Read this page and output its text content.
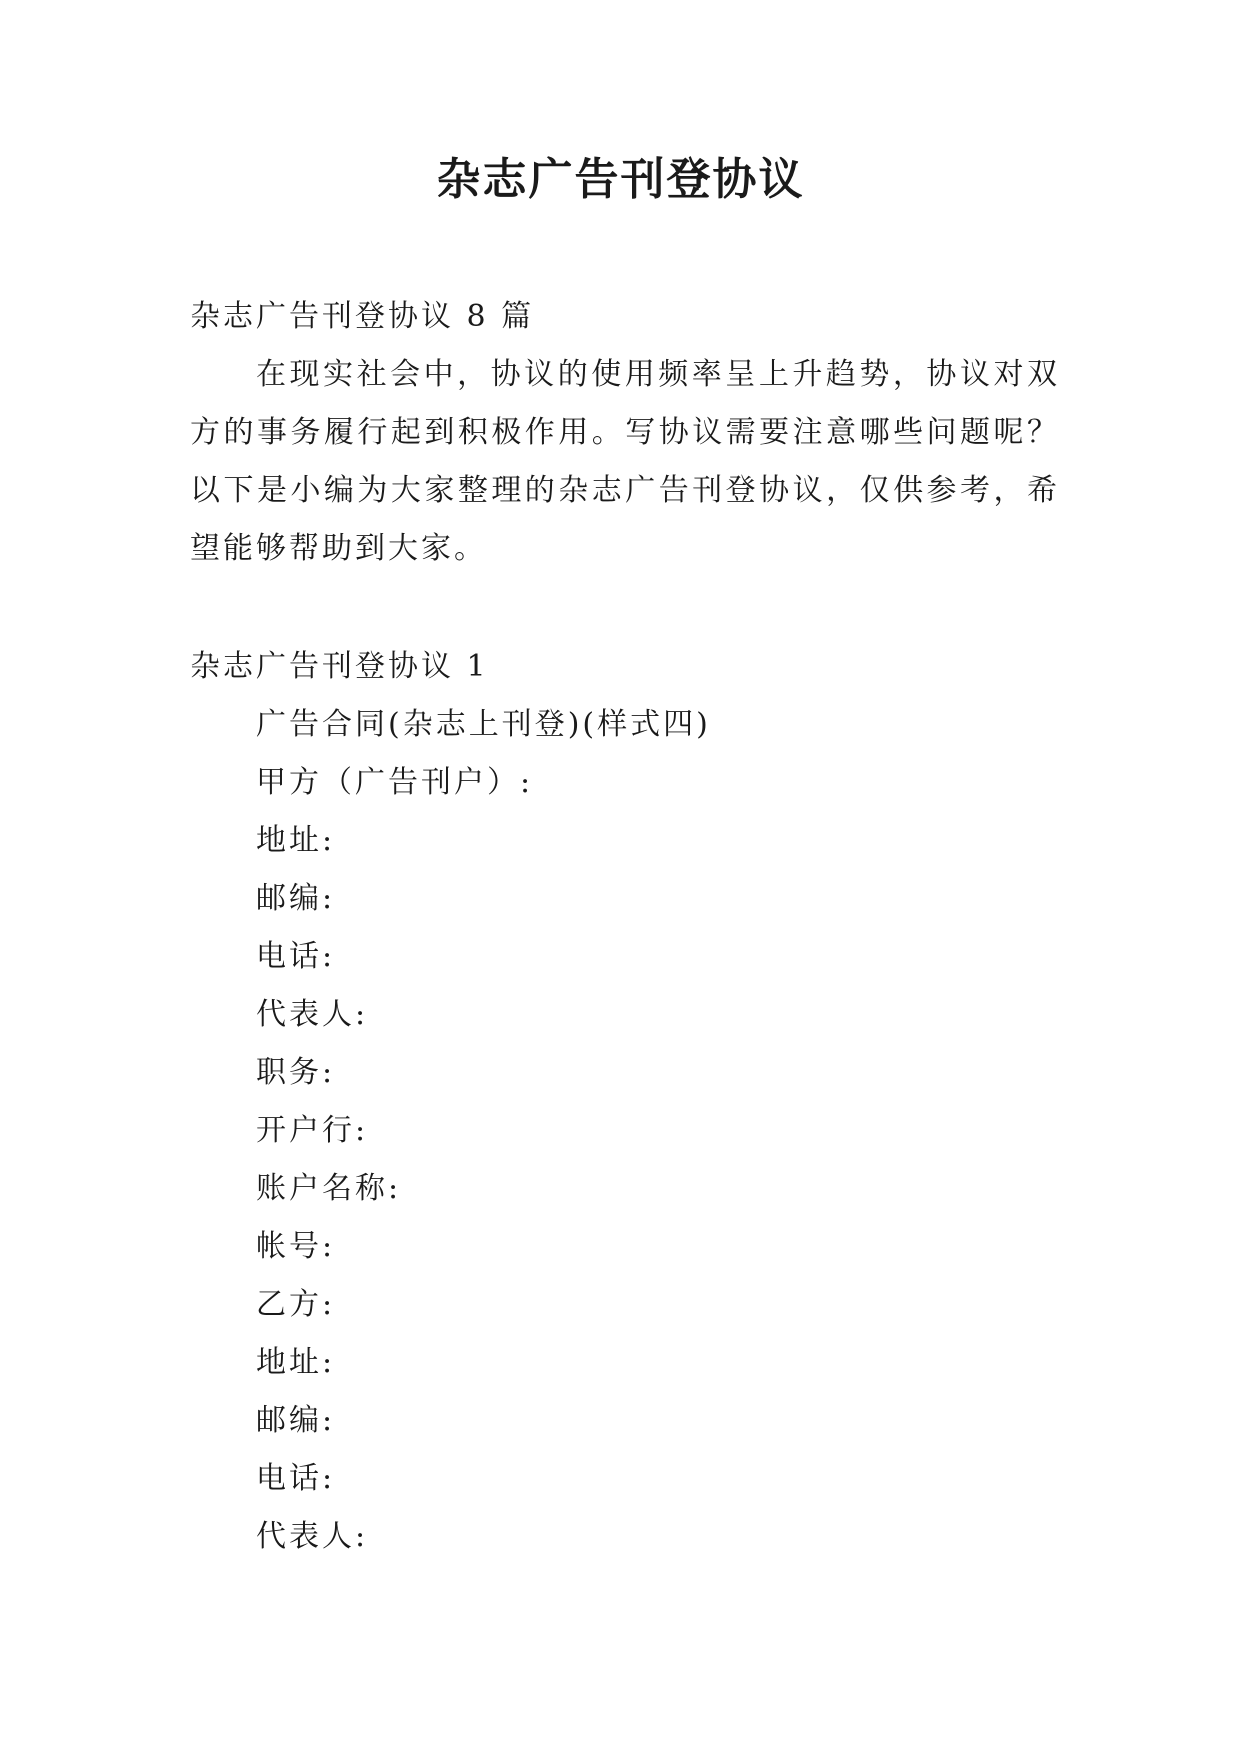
杂志广告刊登协议
杂志广告刊登协议 8 篇

在现实社会中，协议的使用频率呈上升趋势，协议对双方的事务履行起到积极作用。写协议需要注意哪些问题呢？以下是小编为大家整理的杂志广告刊登协议，仅供参考，希望能够帮助到大家。

杂志广告刊登协议 1
广告合同(杂志上刊登)(样式四)
甲方（广告刊户）:
地址:
邮编:
电话:
代表人:
职务:
开户行:
账户名称:
帐号:
乙方:
地址:
邮编:
电话:
代表人:
